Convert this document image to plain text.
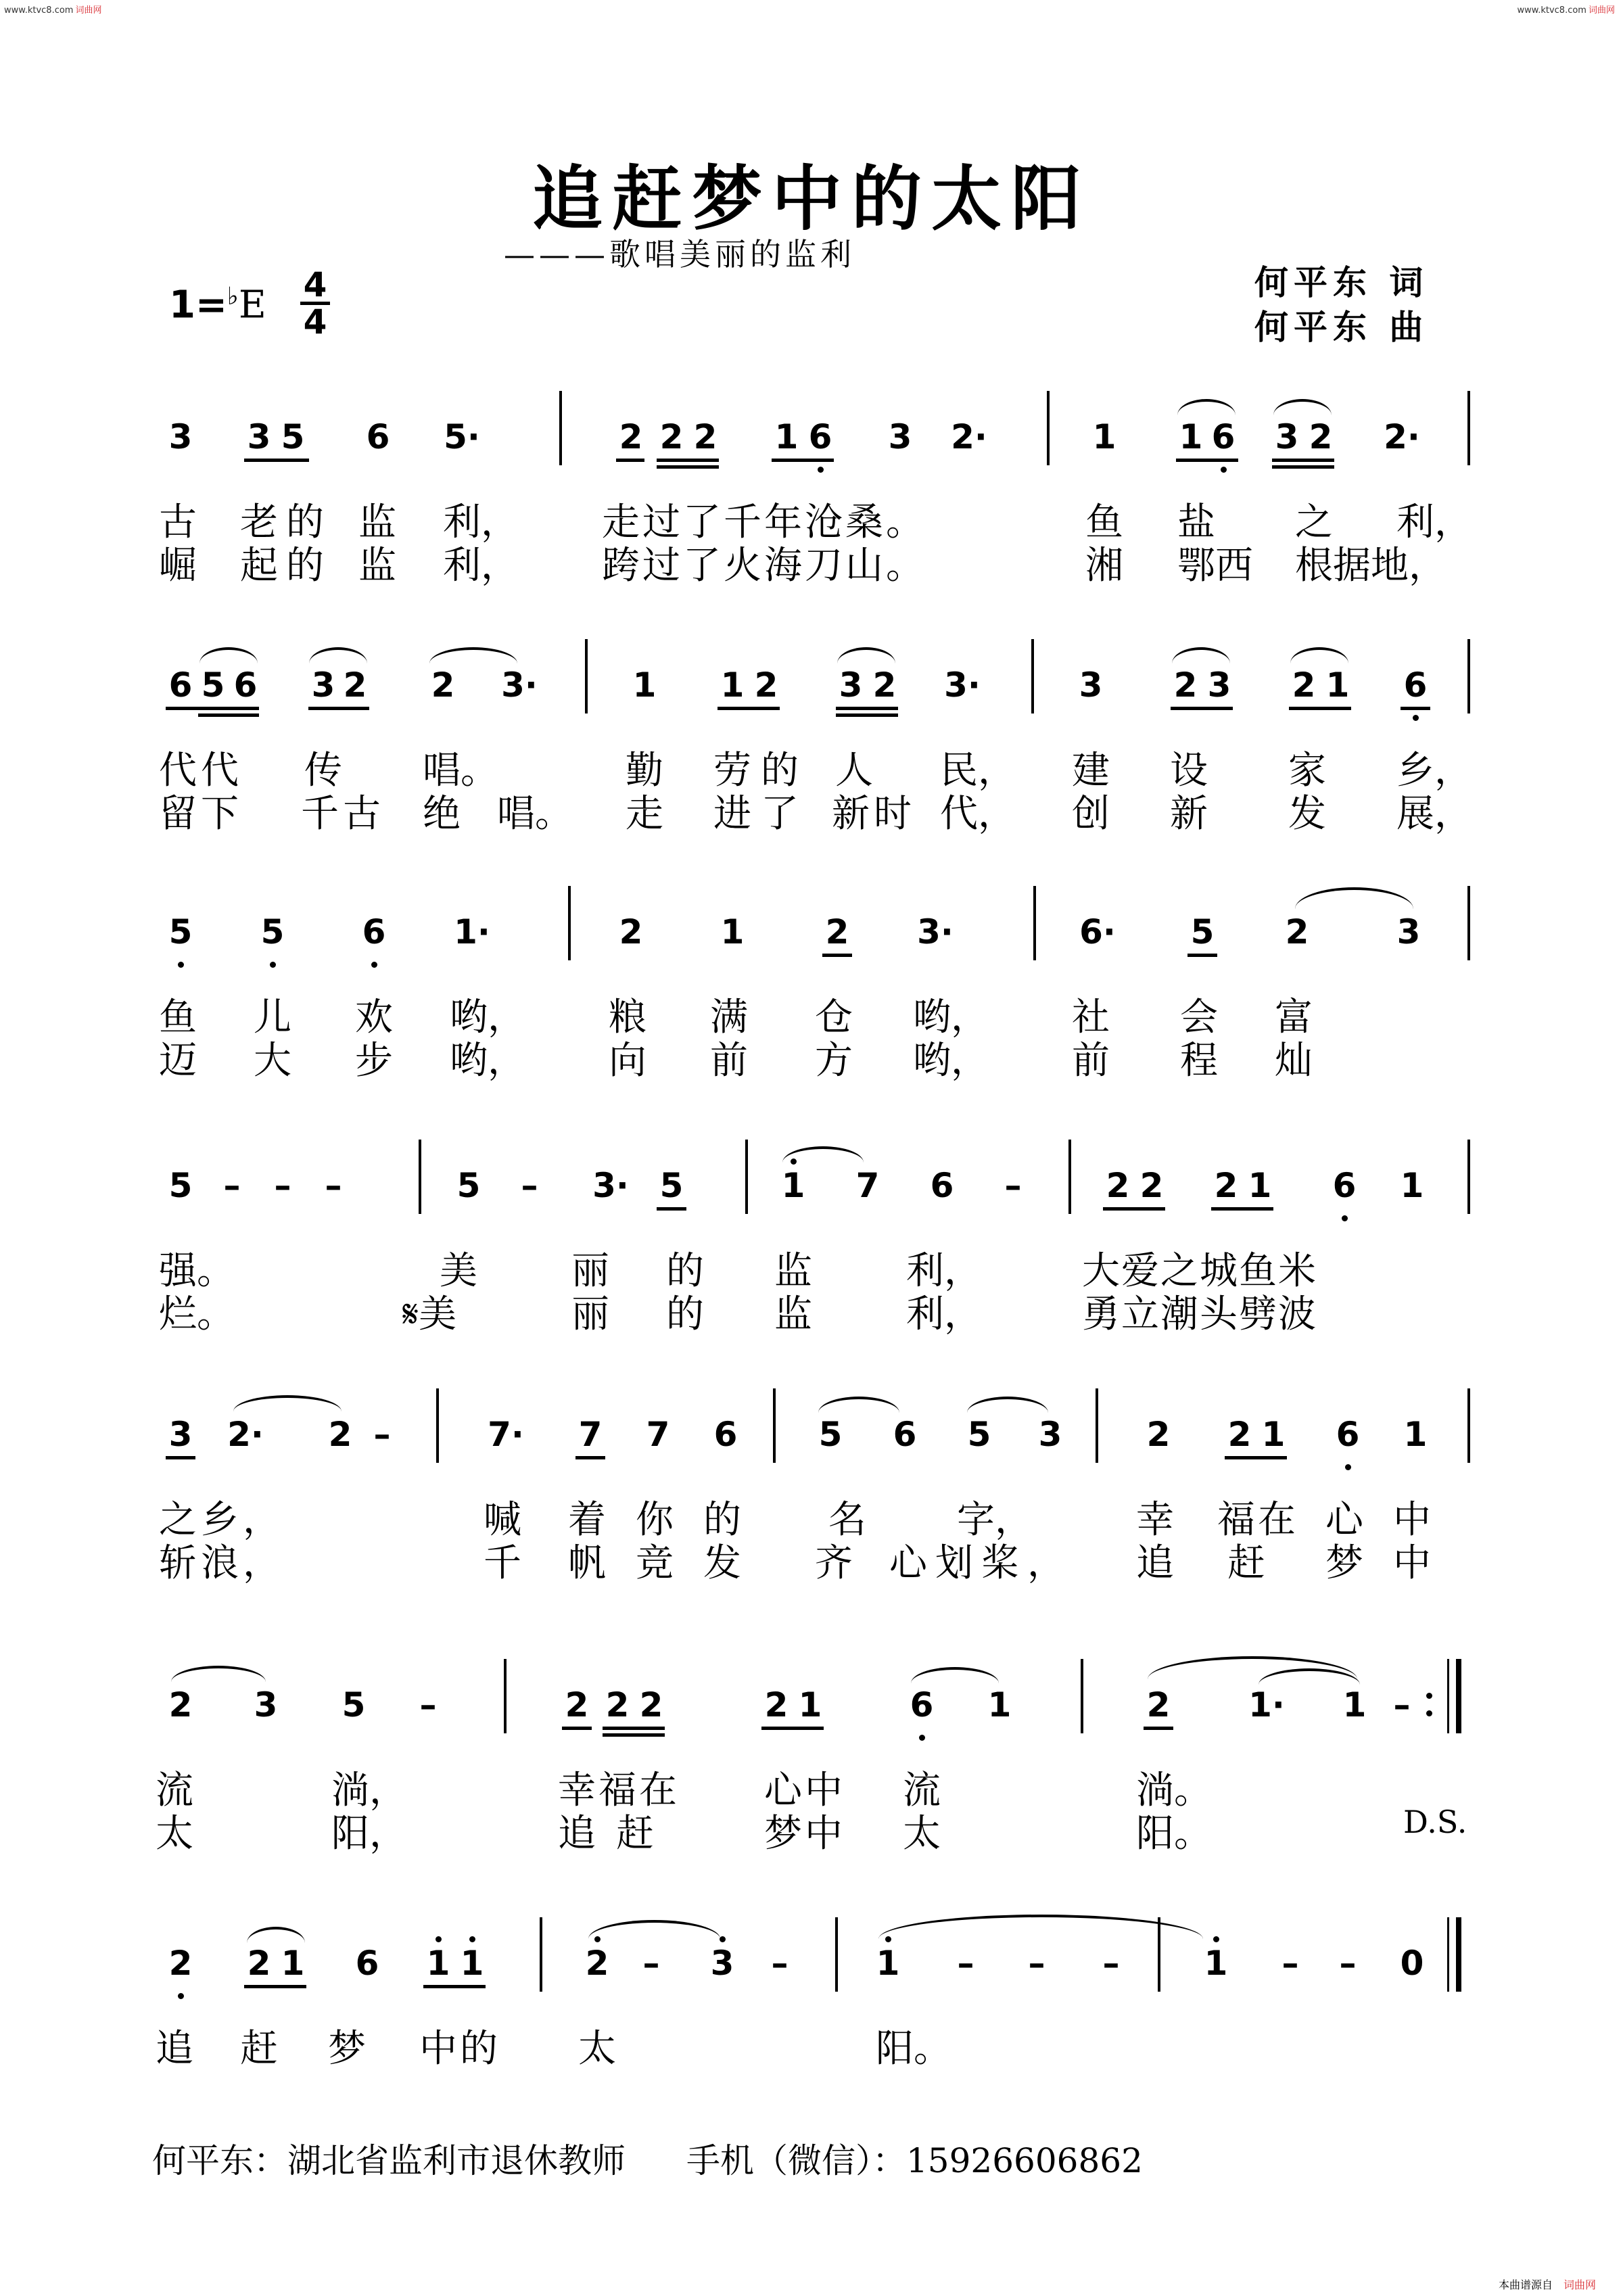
www.ktvc8.com 词曲网	www.ktvc8.com 词曲网
追赶梦中的太阳
———歌唱美丽的监利
何平东 词
何平东 曲
1=♭E 4
4
3 3 5 6 5·	2 2 2 1 6 3 2·	1 1 6 3 2 2·
古 老的 监 利， 走过了千年沧桑。	鱼 盐 之 利，
崛 起的 监 利， 跨过了火海刀山。	湘 鄂西 根据地，
6 5 6 3 2 2 3·	1 1 2 3 2 3·	3 2 3 2 1 6
代代 传 唱。	勤 劳的 人 民， 建 设 家 乡，
留下 千古 绝 唱。 走 进了 新时 代， 创 新 发 展，
5 5 6 1·	2 1 2 3·	6· 5 2	3
鱼 儿 欢 哟， 粮 满 仓 哟， 社 会 富
迈 大 步 哟， 向 前 方 哟， 前 程 灿
5 –	–	–	5	–	3· 5	1 7 6	–	2 2 2 1 6 1
强。	美 丽 的 监 利，	大爱之城鱼米
烂。	𝄋美	丽 的 监 利，	勇立潮头劈波
3 2· 2 –	7· 7 7 6 5 6 5 3	2 2 1 6 1
之乡，	喊 着 你 的 名 字，	幸 福在 心 中
斩浪，	千 帆 竞 发 齐 心划桨， 追 赶 梦 中
2 3 5	–	2 2 2	2 1	6 1	2 1· 1 –
流	淌，	幸福在 心中 流	淌。
太	阳，	追赶 梦中 太	阳。	D.S.
2 2 1 6 1 1	2	–	3	–	1	–	–	–	1	–	–	0
追 赶 梦 中的 太	阳。
何平东：湖北省监利市退休教师 手机（微信）：15926606862
本曲谱源自 词曲网
